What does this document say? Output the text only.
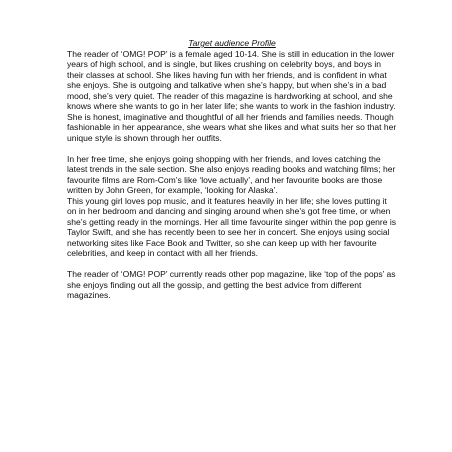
Target audience Profile

The reader of ‘OMG! POP’ is a female aged 10-14. She is still in education in the lower years of high school, and is single, but likes crushing on celebrity boys, and boys in their classes at school. She likes having fun with her friends, and is confident in what she enjoys. She is outgoing and talkative when she’s happy, but when she’s in a bad mood, she’s very quiet. The reader of this magazine is hardworking at school, and she knows where she wants to go in her later life; she wants to work in the fashion industry. She is honest, imaginative and thoughtful of all her friends and families needs. Though fashionable in her appearance, she wears what she likes and what suits her so that her unique style is shown through her outfits.

In her free time, she enjoys going shopping with her friends, and loves catching the latest trends in the sale section. She also enjoys reading books and watching films; her favourite films are Rom-Com’s like ‘love actually’, and her favourite books are those written by John Green, for example, ‘looking for Alaska’.

This young girl loves pop music, and it features heavily in her life; she loves putting it on in her bedroom and dancing and singing around when she’s got free time, or when she’s getting ready in the mornings. Her all time favourite singer within the pop genre is Taylor Swift, and she has recently been to see her in concert. She enjoys using social networking sites like Face Book and Twitter, so she can keep up with her favourite celebrities, and keep in contact with all her friends.

The reader of ‘OMG! POP’ currently reads other pop magazine, like ‘top of the pops’ as she enjoys finding out all the gossip, and getting the best advice from different magazines.
